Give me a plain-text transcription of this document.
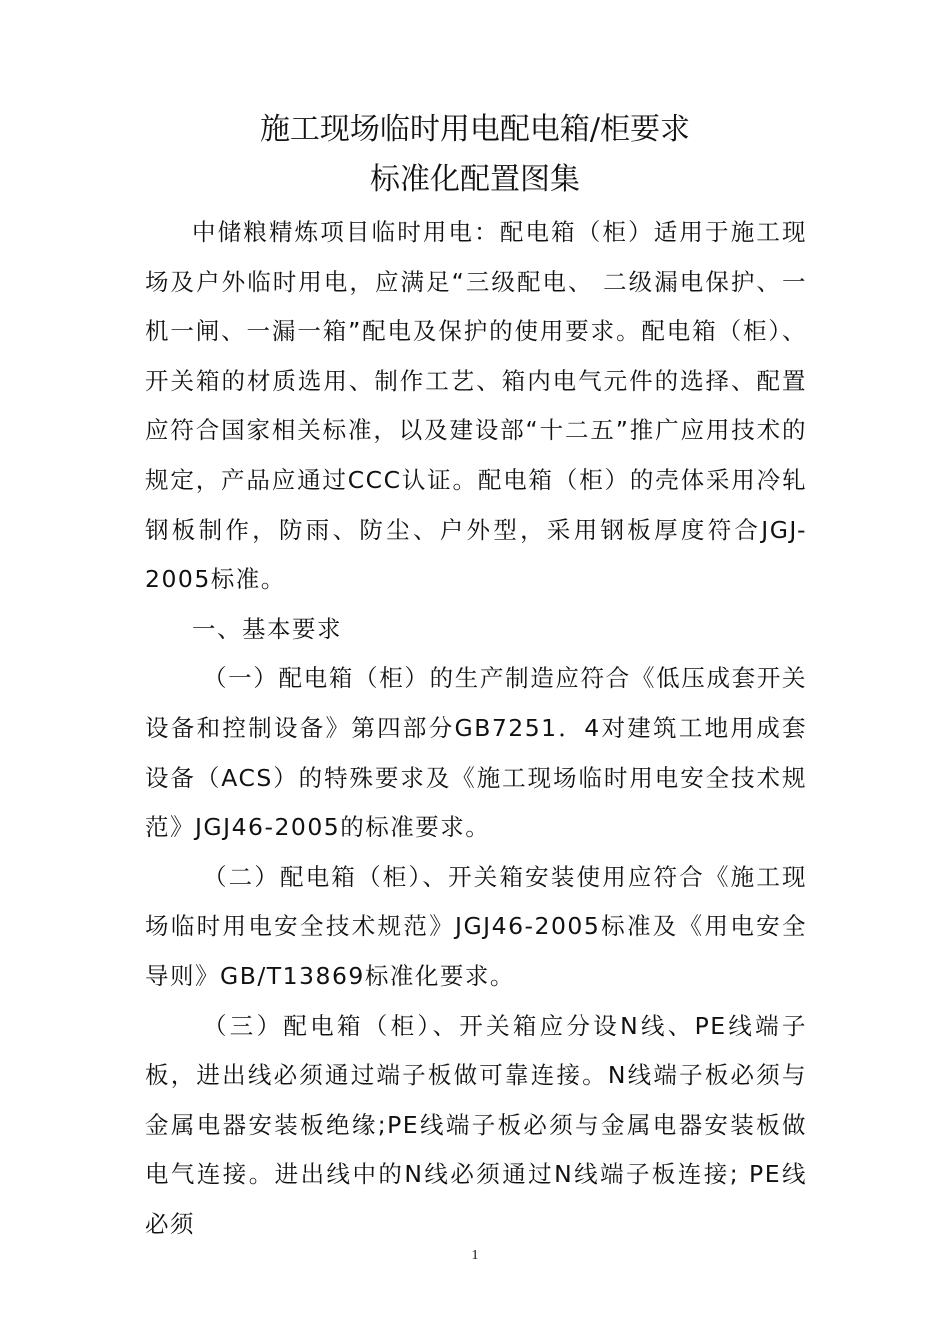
施工现场临时用电配电箱/柜要求
标准化配置图集

中储粮精炼项目临时用电：配电箱（柜）适用于施工现场及户外临时用电，应满足“三级配电、 二级漏电保护、一机一闸、一漏一箱”配电及保护的使用要求。配电箱（柜）、开关箱的材质选用、制作工艺、箱内电气元件的选择、配置应符合国家相关标准，以及建设部“十二五”推广应用技术的规定，产品应通过CCC认证。配电箱（柜）的壳体采用冷轧钢板制作，防雨、防尘、户外型，采用钢板厚度符合JGJ-2005标准。

一、基本要求

（一）配电箱（柜）的生产制造应符合《低压成套开关设备和控制设备》第四部分GB7251．4对建筑工地用成套设备（ACS）的特殊要求及《施工现场临时用电安全技术规范》JGJ46-2005的标准要求。

（二）配电箱（柜）、开关箱安装使用应符合《施工现场临时用电安全技术规范》JGJ46-2005标准及《用电安全导则》GB/T13869标准化要求。

（三）配电箱（柜）、开关箱应分设N线、PE线端子板，进出线必须通过端子板做可靠连接。N线端子板必须与金属电器安装板绝缘;PE线端子板必须与金属电器安装板做电气连接。进出线中的N线必须通过N线端子板连接; PE线必须

1
